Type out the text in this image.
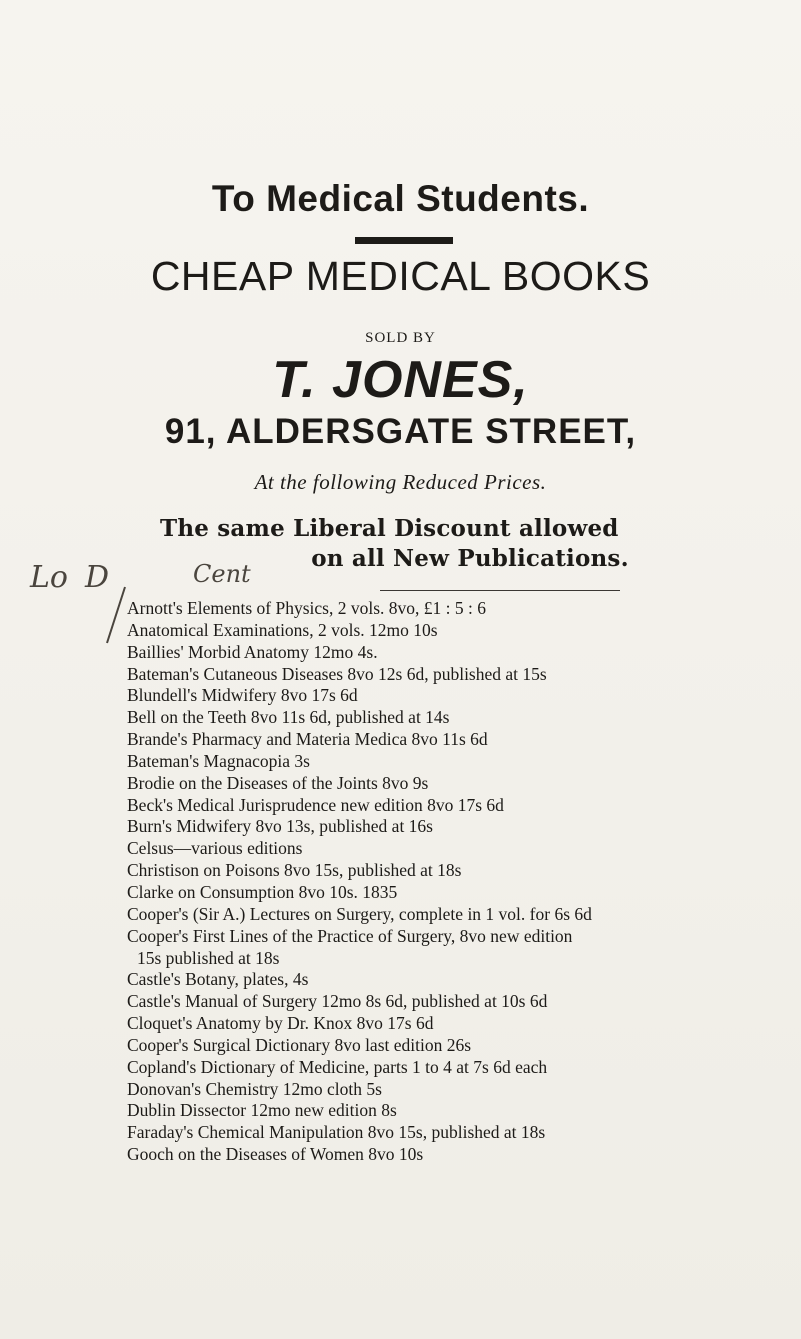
To Medical Students.
CHEAP MEDICAL BOOKS
SOLD BY
T. JONES,
91, ALDERSGATE STREET,
At the following Reduced Prices.
The same Liberal Discount allowed
on all New Publications.
Lo D	Cent
Arnott's Elements of Physics, 2 vols. 8vo, £1 : 5 : 6
Anatomical Examinations, 2 vols. 12mo 10s
Baillies' Morbid Anatomy 12mo 4s.
Bateman's Cutaneous Diseases 8vo 12s 6d, published at 15s
Blundell's Midwifery 8vo 17s 6d
Bell on the Teeth 8vo 11s 6d, published at 14s
Brande's Pharmacy and Materia Medica 8vo 11s 6d
Bateman's Magnacopia 3s
Brodie on the Diseases of the Joints 8vo 9s
Beck's Medical Jurisprudence new edition 8vo 17s 6d
Burn's Midwifery 8vo 13s, published at 16s
Celsus—various editions
Christison on Poisons 8vo 15s, published at 18s
Clarke on Consumption 8vo 10s. 1835
Cooper's (Sir A.) Lectures on Surgery, complete in 1 vol. for 6s 6d
Cooper's First Lines of the Practice of Surgery, 8vo new edition
15s published at 18s
Castle's Botany, plates, 4s
Castle's Manual of Surgery 12mo 8s 6d, published at 10s 6d
Cloquet's Anatomy by Dr. Knox 8vo 17s 6d
Cooper's Surgical Dictionary 8vo last edition 26s
Copland's Dictionary of Medicine, parts 1 to 4 at 7s 6d each
Donovan's Chemistry 12mo cloth 5s
Dublin Dissector 12mo new edition 8s
Faraday's Chemical Manipulation 8vo 15s, published at 18s
Gooch on the Diseases of Women 8vo 10s
